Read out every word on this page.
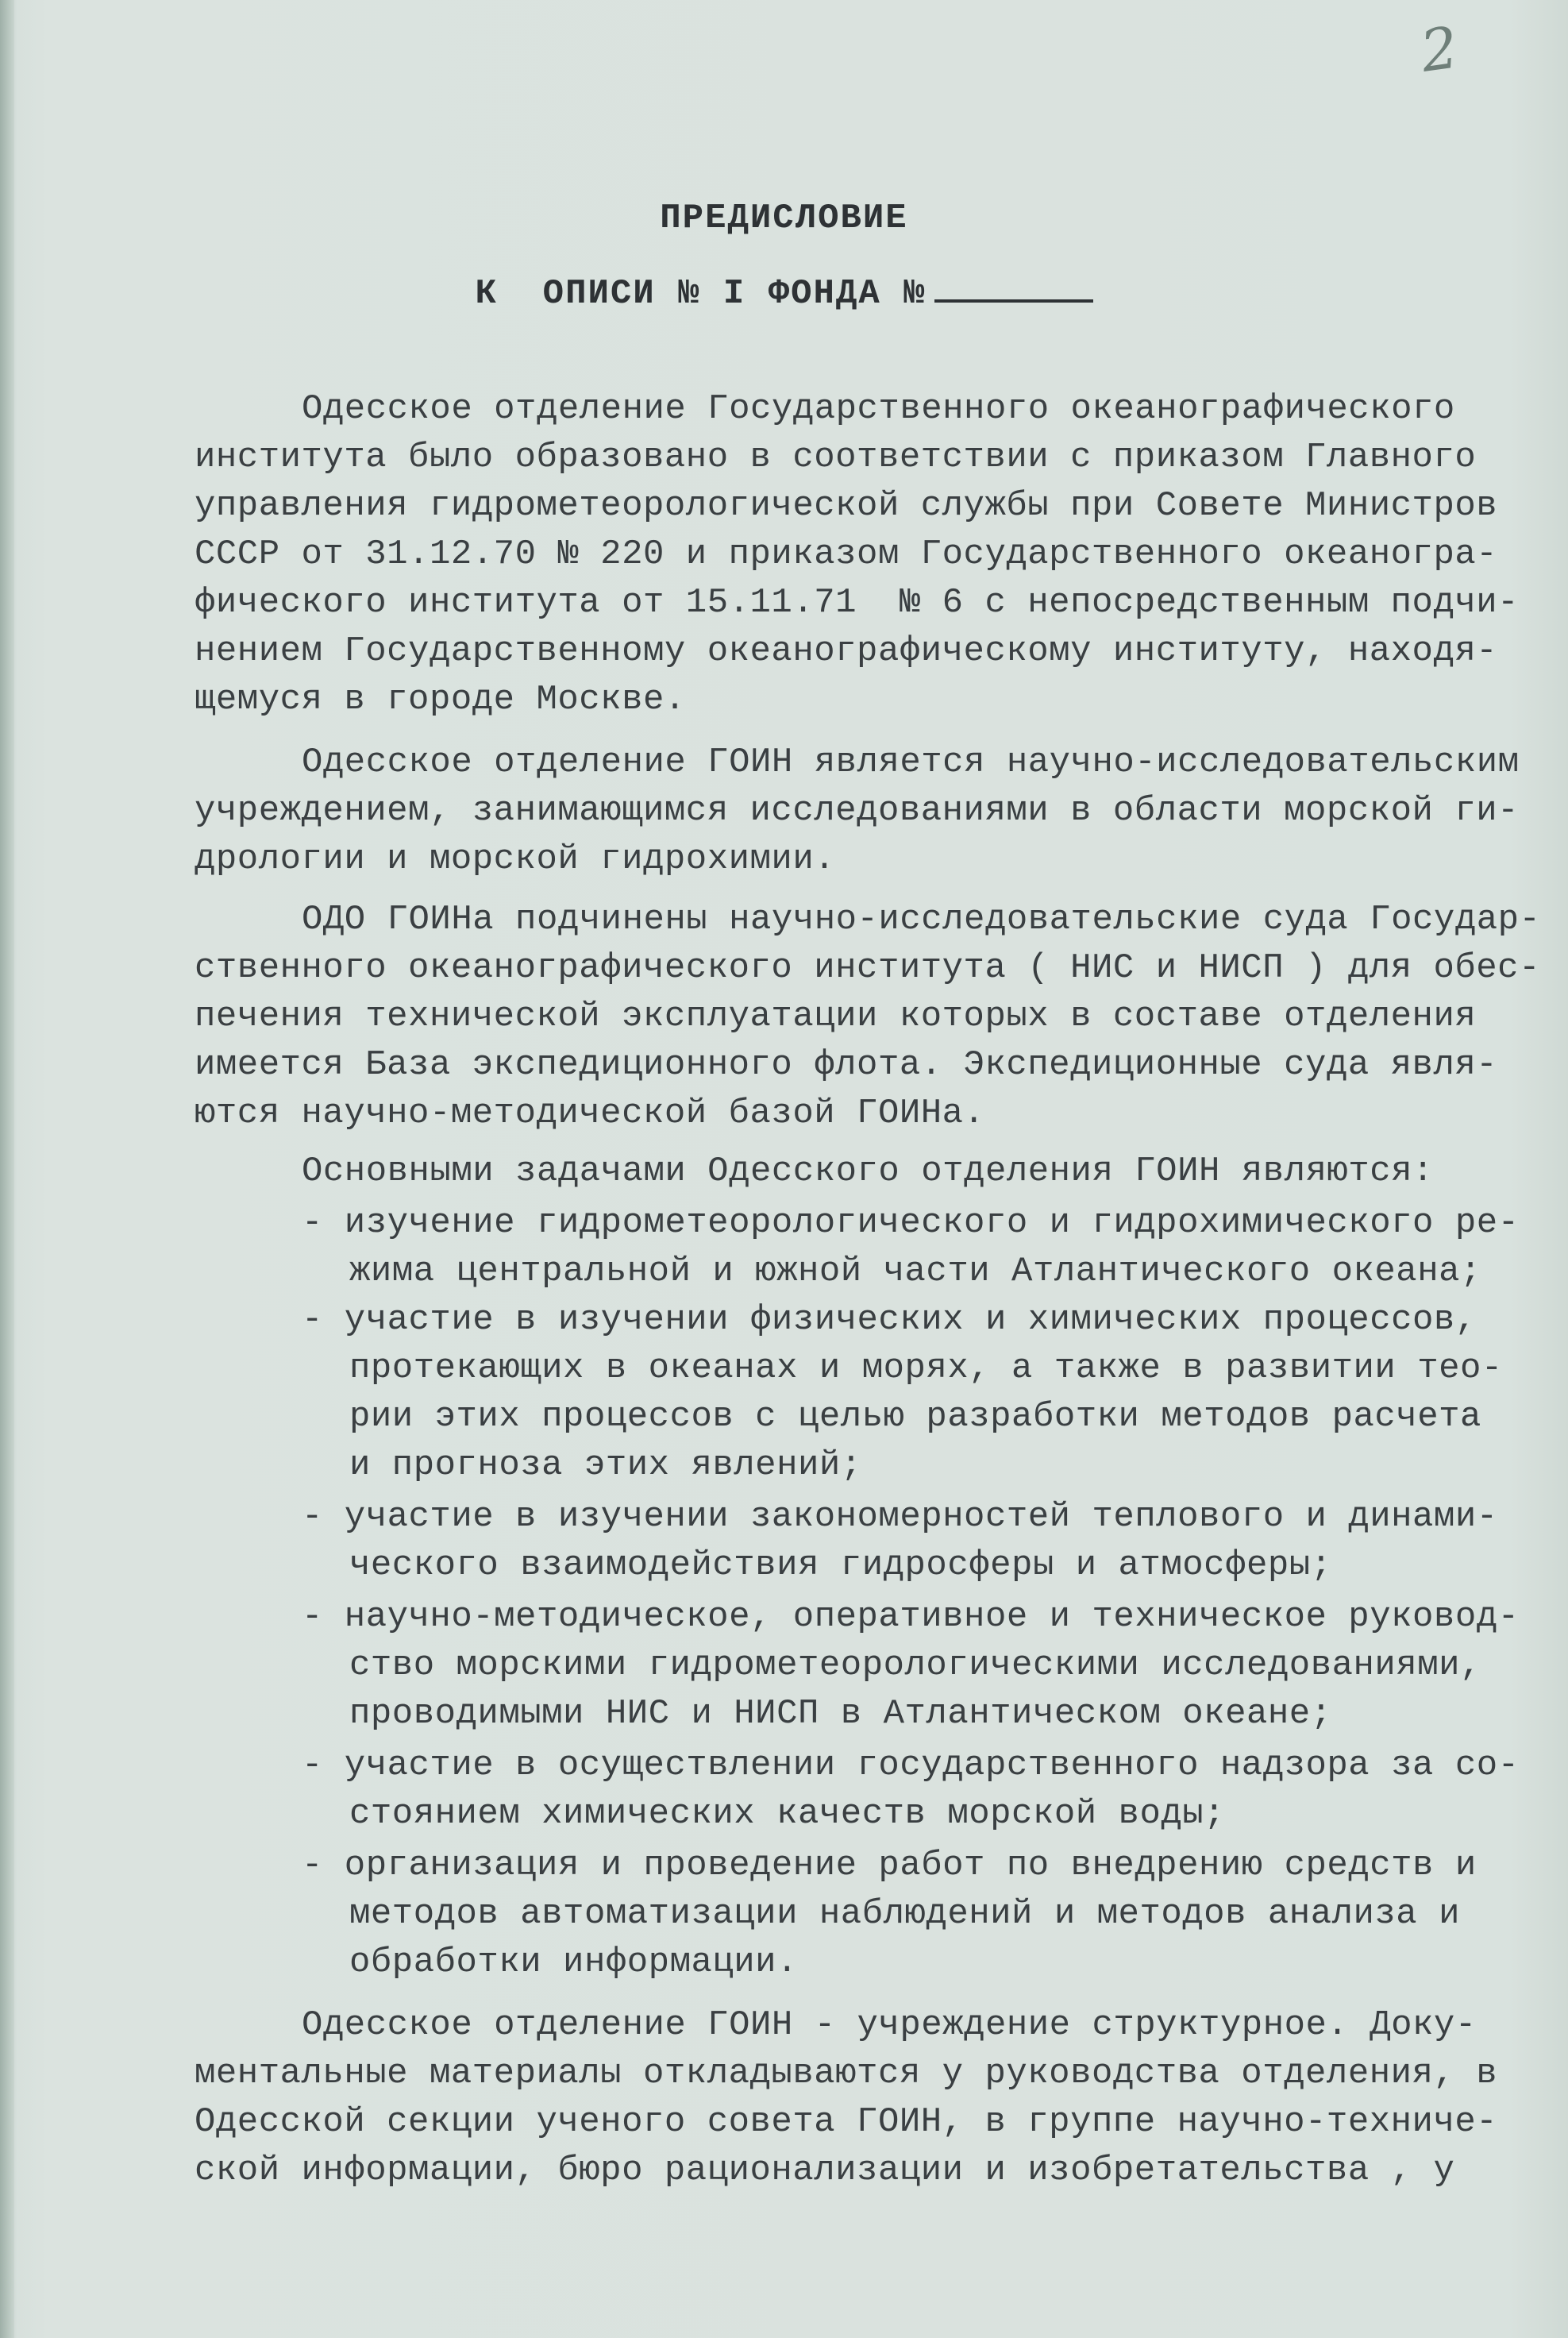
2
ПРЕДИСЛОВИЕ
К  ОПИСИ № I ФОНДА №
Одесское отделение Государственного океанографического
института было образовано в соответствии с приказом Главного
управления гидрометеорологической службы при Совете Министров
СССР от 31.12.70 № 220 и приказом Государственного океаногра-
фического института от 15.11.71  № 6 с непосредственным подчи-
нением Государственному океанографическому институту, находя-
щемуся в городе Москве.
Одесское отделение ГОИН является научно-исследовательским
учреждением, занимающимся исследованиями в области морской ги-
дрологии и морской гидрохимии.
ОДО ГОИНа подчинены научно-исследовательские суда Государ-
ственного океанографического института ( НИС и НИСП ) для обес-
печения технической эксплуатации которых в составе отделения
имеется База экспедиционного флота. Экспедиционные суда явля-
ются научно-методической базой ГОИНа.
Основными задачами Одесского отделения ГОИН являются:
- изучение гидрометеорологического и гидрохимического ре-
жима центральной и южной части Атлантического океана;
- участие в изучении физических и химических процессов,
протекающих в океанах и морях, а также в развитии тео-
рии этих процессов с целью разработки методов расчета
и прогноза этих явлений;
- участие в изучении закономерностей теплового и динами-
ческого взаимодействия гидросферы и атмосферы;
- научно-методическое, оперативное и техническое руковод-
ство морскими гидрометеорологическими исследованиями,
проводимыми НИС и НИСП в Атлантическом океане;
- участие в осуществлении государственного надзора за со-
стоянием химических качеств морской воды;
- организация и проведение работ по внедрению средств и
методов автоматизации наблюдений и методов анализа и
обработки информации.
Одесское отделение ГОИН - учреждение структурное. Доку-
ментальные материалы откладываются у руководства отделения, в
Одесской секции ученого совета ГОИН, в группе научно-техниче-
ской информации, бюро рационализации и изобретательства , у
